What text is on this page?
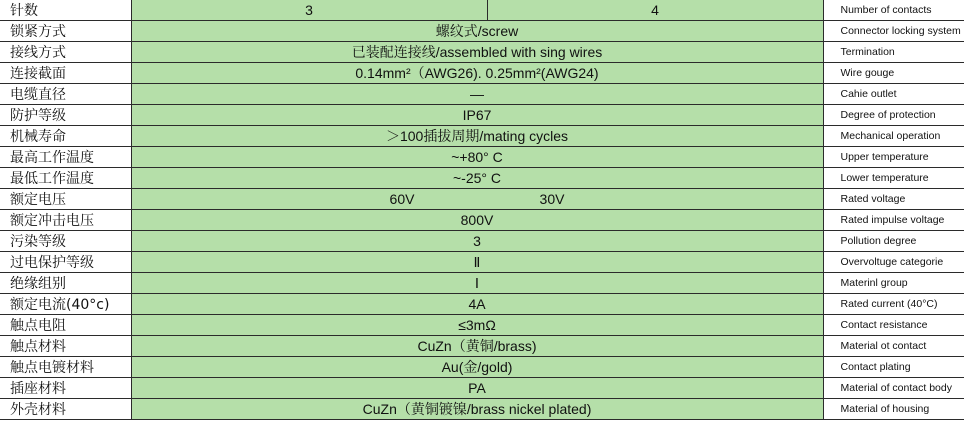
针数	3	4	Number of contacts
锁紧方式	螺纹式/screw		Connector locking system
接线方式	已装配连接线/assembled with sing wires		Termination
连接截面	0.14mm²（AWG26). 0.25mm²(AWG24)		Wire gouge
电缆直径	—		Cahie outlet
防护等级	IP67		Degree of protection
机械寿命	＞100插拔周期/mating cycles		Mechanical operation
最高工作温度	~+80° C		Upper temperature
最低工作温度	~-25° C		Lower temperature
额定电压	60V 30V		Rated voltage
额定冲击电压	800V		Rated impulse voltage
污染等级	3		Pollution degree
过电保护等级	Ⅱ		Overvoltuge categorie
绝缘组别	Ⅰ		Materinl group
额定电流(40°c)	4A		Rated current (40°C)
触点电阻	≤3mΩ		Contact resistance
触点材料	CuZn（黄铜/brass)		Material ot contact
触点电镀材料	Au(金/gold)		Contact plating
插座材料	PA		Material of contact body
外壳材料	CuZn（黄铜镀镍/brass nickel plated)		Material of housing
